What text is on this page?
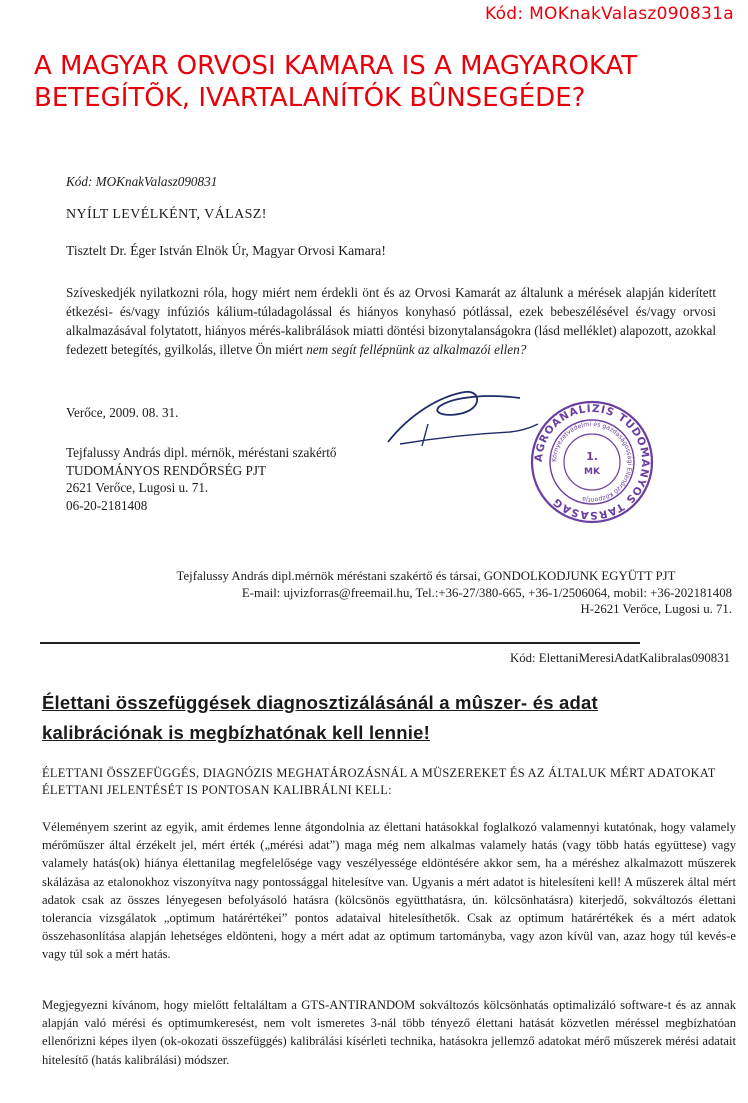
Kód: MOKnakValasz090831a
A MAGYAR ORVOSI KAMARA IS A MAGYAROKAT
BETEGÍTÕK, IVARTALANÍTÓK BÛNSEGÉDE?
Kód: MOKnakValasz090831
NYÍLT LEVÉLKÉNT, VÁLASZ!
Tisztelt Dr. Éger István Elnök Úr, Magyar Orvosi Kamara!
Szíveskedjék nyilatkozni róla, hogy miért nem érdekli önt és az Orvosi Kamarát az általunk a mérések alapján kiderített étkezési- és/vagy infúziós kálium-túladagolással és hiányos konyhasó pótlással, ezek bebeszélésével és/vagy orvosi alkalmazásával folytatott, hiányos mérés-kalibrálások miatti döntési bizonytalanságokra (lásd melléklet) alapozott, azokkal fedezett betegítés, gyilkolás, illetve Ön miért nem segít fellépnünk az alkalmazói ellen?
Verőce, 2009. 08. 31.
Tejfalussy András dipl. mérnök, méréstani szakértő
TUDOMÁNYOS RENDŐRSÉG PJT
2621 Verőce, Lugosi u. 71.
06-20-2181408
AGROANALÍZIS TUDOMÁNYOS TÁRSASÁG
Környezetvédelmi és gazdaságossági Ellenőrző Központja
1.
MK
Tejfalussy András dipl.mérnök méréstani szakértő és társai, GONDOLKODJUNK EGYÜTT PJT
E-mail: ujvizforras@freemail.hu, Tel.:+36-27/380-665, +36-1/2506064, mobil: +36-202181408
H-2621 Verőce, Lugosi u. 71.
Kód: ElettaniMeresiAdatKalibralas090831
Élettani összefüggések diagnosztizálásánál a mûszer- és adat
kalibrációnak is megbízhatónak kell lennie!
ÉLETTANI ÖSSZEFÜGGÉS, DIAGNÓZIS MEGHATÁROZÁSNÁL A MÜSZEREKET ÉS AZ ÁLTALUK MÉRT ADATOKAT ÉLETTANI JELENTÉSÉT IS PONTOSAN KALIBRÁLNI KELL:
Véleményem szerint az egyik, amit érdemes lenne átgondolnia az élettani hatásokkal foglalkozó valamennyi kutatónak, hogy valamely mérőműszer által érzékelt jel, mért érték („mérési adat”) maga még nem alkalmas valamely hatás (vagy több hatás együttese) vagy valamely hatás(ok) hiánya élettanilag megfelelősége vagy veszélyessége eldöntésére akkor sem, ha a méréshez alkalmazott műszerek skálázása az etalonokhoz viszonyítva nagy pontossággal hitelesítve van. Ugyanis a mért adatot is hitelesíteni kell! A műszerek által mért adatok csak az összes lényegesen befolyásoló hatásra (kölcsönös együtthatásra, ún. kölcsönhatásra) kiterjedő, sokváltozós élettani tolerancia vizsgálatok „optimum határértékei” pontos adataival hitelesíthetők. Csak az optimum határértékek és a mért adatok összehasonlítása alapján lehetséges eldönteni, hogy a mért adat az optimum tartományba, vagy azon kívül van, azaz hogy túl kevés-e vagy túl sok a mért hatás.
Megjegyezni kívánom, hogy mielőtt feltaláltam a GTS-ANTIRANDOM sokváltozós kölcsönhatás optimalizáló software-t és az annak alapján való mérési és optimumkeresést, nem volt ismeretes 3-nál több tényező élettani hatását közvetlen méréssel megbízhatóan ellenőrizni képes ilyen (ok-okozati összefüggés) kalibrálási kísérleti technika, hatásokra jellemző adatokat mérő műszerek mérési adatait hitelesítő (hatás kalibrálási) módszer.
